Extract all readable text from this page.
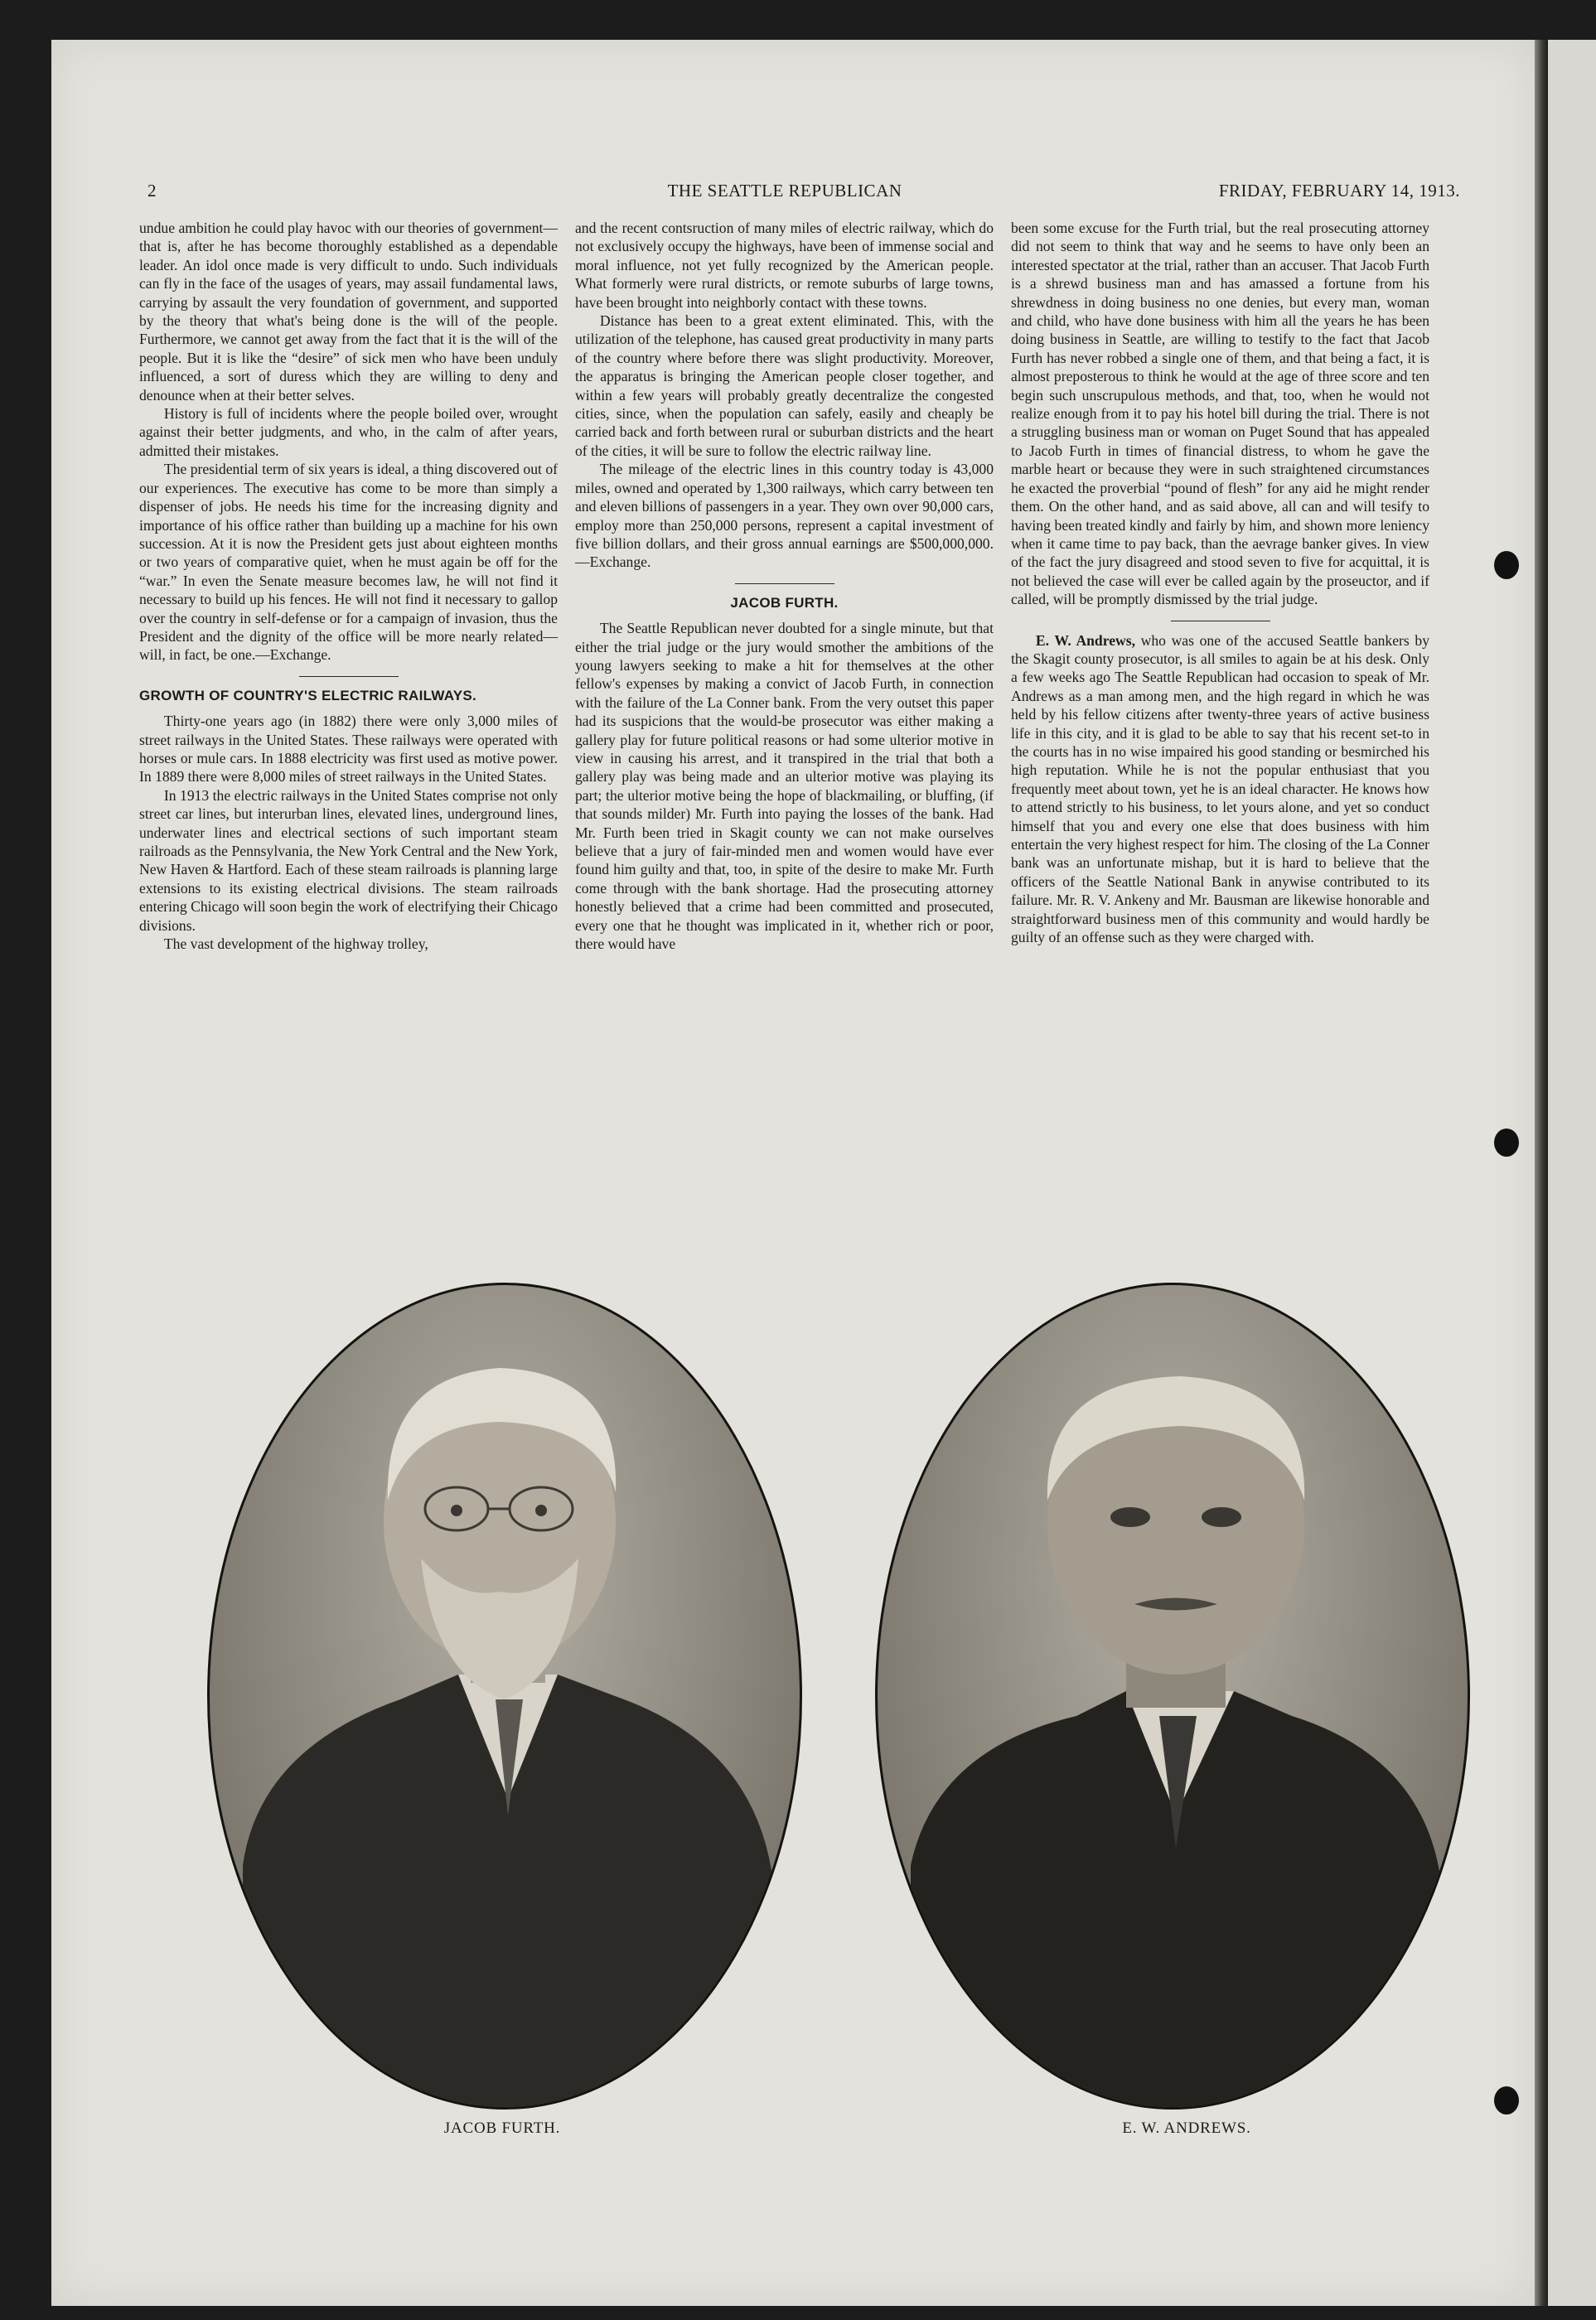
2	THE SEATTLE REPUBLICAN	FRIDAY, FEBRUARY 14, 1913.

undue ambition he could play havoc with our theories of government—that is, after he has become thoroughly established as a dependable leader. An idol once made is very difficult to undo. Such individuals can fly in the face of the usages of years, may assail fundamental laws, carrying by assault the very foundation of government, and supported by the theory that what's being done is the will of the people. Furthermore, we cannot get away from the fact that it is the will of the people. But it is like the “desire” of sick men who have been unduly influenced, a sort of duress which they are willing to deny and denounce when at their better selves.

History is full of incidents where the people boiled over, wrought against their better judgments, and who, in the calm of after years, admitted their mistakes.

The presidential term of six years is ideal, a thing discovered out of our experiences. The executive has come to be more than simply a dispenser of jobs. He needs his time for the increasing dignity and importance of his office rather than building up a machine for his own succession. At it is now the President gets just about eighteen months or two years of comparative quiet, when he must again be off for the “war.” In even the Senate measure becomes law, he will not find it necessary to build up his fences. He will not find it necessary to gallop over the country in self-defense or for a campaign of invasion, thus the President and the dignity of the office will be more nearly related—will, in fact, be one.—Exchange.

GROWTH OF COUNTRY'S ELECTRIC RAILWAYS.

Thirty-one years ago (in 1882) there were only 3,000 miles of street railways in the United States. These railways were operated with horses or mule cars. In 1888 electricity was first used as motive power. In 1889 there were 8,000 miles of street railways in the United States.

In 1913 the electric railways in the United States comprise not only street car lines, but interurban lines, elevated lines, underground lines, underwater lines and electrical sections of such important steam railroads as the Pennsylvania, the New York Central and the New York, New Haven & Hartford. Each of these steam railroads is planning large extensions to its existing electrical divisions. The steam railroads entering Chicago will soon begin the work of electrifying their Chicago divisions.

The vast development of the highway trolley,

and the recent contsruction of many miles of electric railway, which do not exclusively occupy the highways, have been of immense social and moral influence, not yet fully recognized by the American people. What formerly were rural districts, or remote suburbs of large towns, have been brought into neighborly contact with these towns.

Distance has been to a great extent eliminated. This, with the utilization of the telephone, has caused great productivity in many parts of the country where before there was slight productivity. Moreover, the apparatus is bringing the American people closer together, and within a few years will probably greatly decentralize the congested cities, since, when the population can safely, easily and cheaply be carried back and forth between rural or suburban districts and the heart of the cities, it will be sure to follow the electric railway line.

The mileage of the electric lines in this country today is 43,000 miles, owned and operated by 1,300 railways, which carry between ten and eleven billions of passengers in a year. They own over 90,000 cars, employ more than 250,000 persons, represent a capital investment of five billion dollars, and their gross annual earnings are $500,000,000.—Exchange.

JACOB FURTH.

The Seattle Republican never doubted for a single minute, but that either the trial judge or the jury would smother the ambitions of the young lawyers seeking to make a hit for themselves at the other fellow's expenses by making a convict of Jacob Furth, in connection with the failure of the La Conner bank. From the very outset this paper had its suspicions that the would-be prosecutor was either making a gallery play for future political reasons or had some ulterior motive in view in causing his arrest, and it transpired in the trial that both a gallery play was being made and an ulterior motive was playing its part; the ulterior motive being the hope of blackmailing, or bluffing, (if that sounds milder) Mr. Furth into paying the losses of the bank. Had Mr. Furth been tried in Skagit county we can not make ourselves believe that a jury of fair-minded men and women would have ever found him guilty and that, too, in spite of the desire to make Mr. Furth come through with the bank shortage. Had the prosecuting attorney honestly believed that a crime had been committed and prosecuted, every one that he thought was implicated in it, whether rich or poor, there would have

been some excuse for the Furth trial, but the real prosecuting attorney did not seem to think that way and he seems to have only been an interested spectator at the trial, rather than an accuser. That Jacob Furth is a shrewd business man and has amassed a fortune from his shrewdness in doing business no one denies, but every man, woman and child, who have done business with him all the years he has been doing business in Seattle, are willing to testify to the fact that Jacob Furth has never robbed a single one of them, and that being a fact, it is almost preposterous to think he would at the age of three score and ten begin such unscrupulous methods, and that, too, when he would not realize enough from it to pay his hotel bill during the trial. There is not a struggling business man or woman on Puget Sound that has appealed to Jacob Furth in times of financial distress, to whom he gave the marble heart or because they were in such straightened circumstances he exacted the proverbial “pound of flesh” for any aid he might render them. On the other hand, and as said above, all can and will tesify to having been treated kindly and fairly by him, and shown more leniency when it came time to pay back, than the aevrage banker gives. In view of the fact the jury disagreed and stood seven to five for acquittal, it is not believed the case will ever be called again by the proseuctor, and if called, will be promptly dismissed by the trial judge.

E. W. Andrews, who was one of the accused Seattle bankers by the Skagit county prosecutor, is all smiles to again be at his desk. Only a few weeks ago The Seattle Republican had occasion to speak of Mr. Andrews as a man among men, and the high regard in which he was held by his fellow citizens after twenty-three years of active business life in this city, and it is glad to be able to say that his recent set-to in the courts has in no wise impaired his good standing or besmirched his high reputation. While he is not the popular enthusiast that you frequently meet about town, yet he is an ideal character. He knows how to attend strictly to his business, to let yours alone, and yet so conduct himself that you and every one else that does business with him entertain the very highest respect for him. The closing of the La Conner bank was an unfortunate mishap, but it is hard to believe that the officers of the Seattle National Bank in anywise contributed to its failure. Mr. R. V. Ankeny and Mr. Bausman are likewise honorable and straightforward business men of this community and would hardly be guilty of an offense such as they were charged with.

JACOB FURTH.	E. W. ANDREWS.
